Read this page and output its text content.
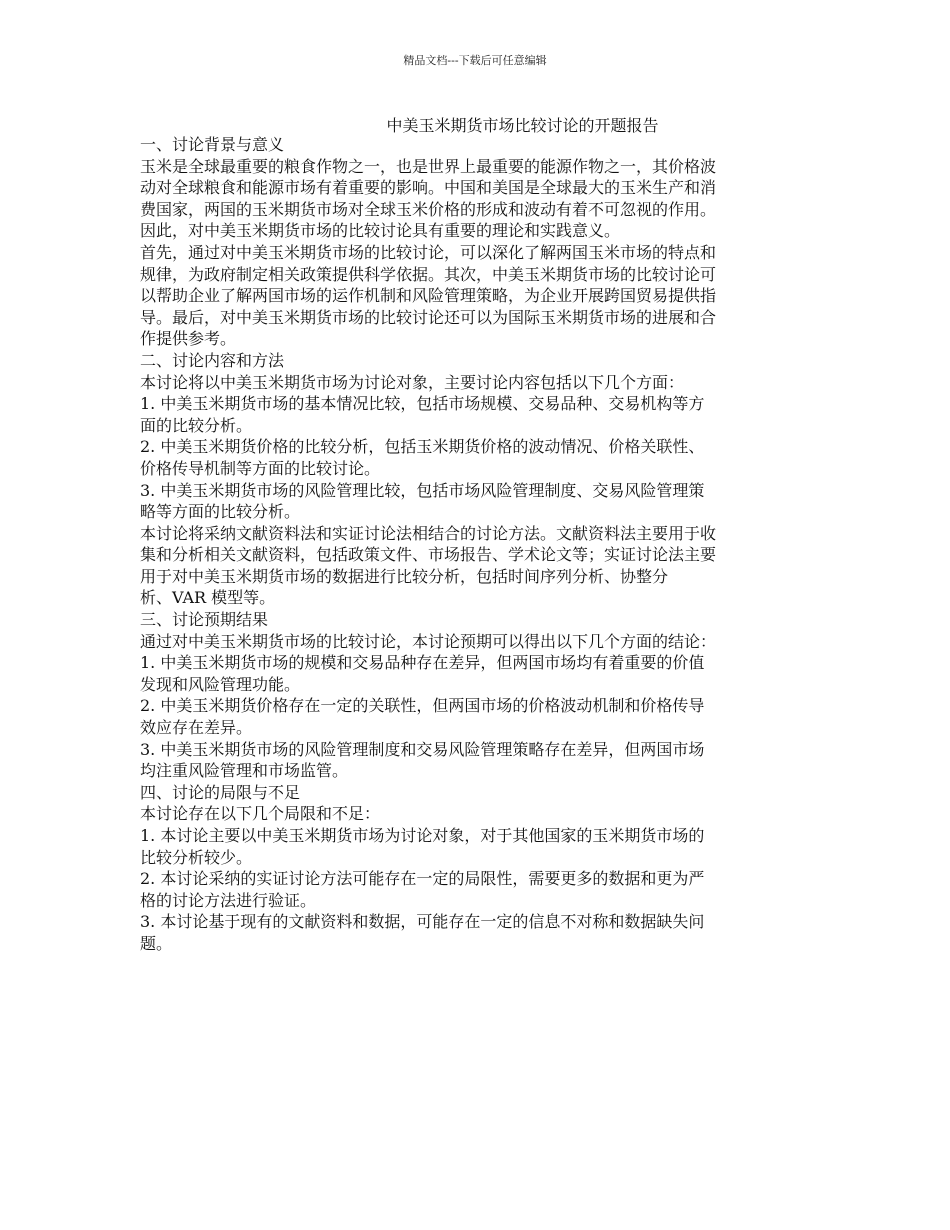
精品文档---下载后可任意编辑
中美玉米期货市场比较讨论的开题报告
一、讨论背景与意义
玉米是全球最重要的粮食作物之一，也是世界上最重要的能源作物之一，其价格波
动对全球粮食和能源市场有着重要的影响。中国和美国是全球最大的玉米生产和消
费国家，两国的玉米期货市场对全球玉米价格的形成和波动有着不可忽视的作用。
因此，对中美玉米期货市场的比较讨论具有重要的理论和实践意义。
首先，通过对中美玉米期货市场的比较讨论，可以深化了解两国玉米市场的特点和
规律，为政府制定相关政策提供科学依据。其次，中美玉米期货市场的比较讨论可
以帮助企业了解两国市场的运作机制和风险管理策略，为企业开展跨国贸易提供指
导。最后，对中美玉米期货市场的比较讨论还可以为国际玉米期货市场的进展和合
作提供参考。
二、讨论内容和方法
本讨论将以中美玉米期货市场为讨论对象，主要讨论内容包括以下几个方面：
1. 中美玉米期货市场的基本情况比较，包括市场规模、交易品种、交易机构等方
面的比较分析。
2. 中美玉米期货价格的比较分析，包括玉米期货价格的波动情况、价格关联性、
价格传导机制等方面的比较讨论。
3. 中美玉米期货市场的风险管理比较，包括市场风险管理制度、交易风险管理策
略等方面的比较分析。
本讨论将采纳文献资料法和实证讨论法相结合的讨论方法。文献资料法主要用于收
集和分析相关文献资料，包括政策文件、市场报告、学术论文等；实证讨论法主要
用于对中美玉米期货市场的数据进行比较分析，包括时间序列分析、协整分
析、VAR 模型等。
三、讨论预期结果
通过对中美玉米期货市场的比较讨论，本讨论预期可以得出以下几个方面的结论：
1. 中美玉米期货市场的规模和交易品种存在差异，但两国市场均有着重要的价值
发现和风险管理功能。
2. 中美玉米期货价格存在一定的关联性，但两国市场的价格波动机制和价格传导
效应存在差异。
3. 中美玉米期货市场的风险管理制度和交易风险管理策略存在差异，但两国市场
均注重风险管理和市场监管。
四、讨论的局限与不足
本讨论存在以下几个局限和不足：
1. 本讨论主要以中美玉米期货市场为讨论对象，对于其他国家的玉米期货市场的
比较分析较少。
2. 本讨论采纳的实证讨论方法可能存在一定的局限性，需要更多的数据和更为严
格的讨论方法进行验证。
3. 本讨论基于现有的文献资料和数据，可能存在一定的信息不对称和数据缺失问
题。
